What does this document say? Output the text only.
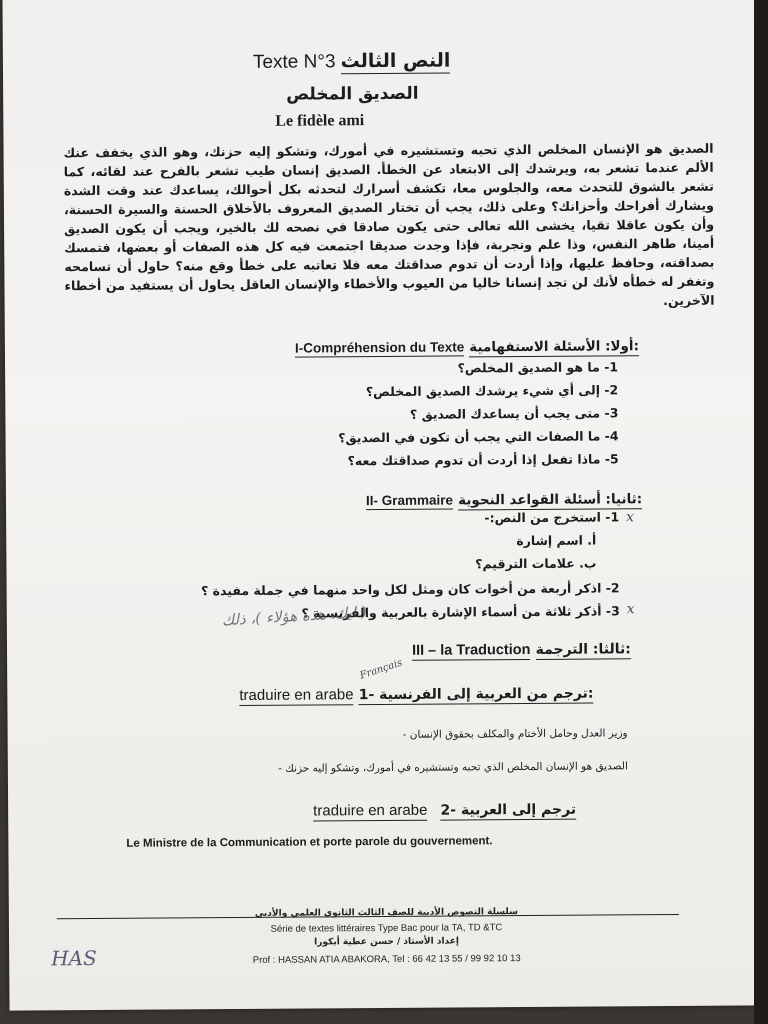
Texte N°3 النص الثالث
الصديق المخلص
Le fidèle ami
الصديق هو الإنسان المخلص الذي تحبه وتستشيره في أمورك، وتشكو إليه حزنك، وهو الذي يخفف عنك الألم عندما تشعر به، ويرشدك إلى الابتعاد عن الخطأ. الصديق إنسان طيب تشعر بالفرح عند لقائه، كما تشعر بالشوق للتحدث معه، والجلوس معا، تكشف أسرارك لتحدثه بكل أحوالك، يساعدك عند وقت الشدة ويشارك أفراحك وأحزانك؟ وعلى ذلك، يجب أن تختار الصديق المعروف بالأخلاق الحسنة والسيرة الحسنة، وأن يكون عاقلا تقيا، يخشى الله تعالى حتى يكون صادقا في نصحه لك بالخير، ويجب أن يكون الصديق أمينا، طاهر النفس، وذا علم وتجربة، فإذا وجدت صديقا اجتمعت فيه كل هذه الصفات أو بعضها، فتمسك بصداقته، وحافظ عليها، وإذا أردت أن تدوم صداقتك معه فلا تعاتبه على خطأ وقع منه؟ حاول أن تسامحه وتغفر له خطأه لأنك لن تجد إنسانا خاليا من العيوب والأخطاء والإنسان العاقل يحاول أن يستفيد من أخطاء الآخرين.
I-Compréhension du Texte أولا: الأسئلة الاستفهامية:
1- ما هو الصديق المخلص؟
2- إلى أي شيء يرشدك الصديق المخلص؟
3- متى يجب أن يساعدك الصديق ؟
4- ما الصفات التي يجب أن تكون في الصديق؟
5- ماذا تفعل إذا أردت أن تدوم صداقتك معه؟
II- Grammaire ثانيا: أسئلة القواعد النحوية:
1- استخرج من النص:- x
أ. اسم إشارة
ب. علامات الترقيم؟
2- اذكر أربعة من أخوات كان ومثل لكل واحد منهما في جملة مفيدة ؟
3- أذكر ثلاثة من أسماء الإشارة بالعربية والفرنسية ؟ x
( ايك، هذه هؤلاء )، ذلك
III – la Traduction ثالثا: الترجمة:
Français
traduire en arabe 1- ترجم من العربية إلى الفرنسية:
وزير العدل وحامل الأختام والمكلف بحقوق الإنسان -
الصديق هو الإنسان المخلص الذي تحبه وتستشيره في أمورك، وتشكو إليه حزنك -
traduire en arabe 2- ترجم إلى العربية
Le Ministre de la Communication et porte parole du gouvernement.
سلسلة النصوص الأدبية للصف الثالث الثانوي العلمي والأدبي
Série de textes littéraires Type Bac pour la TA, TD &TC
إعداد الأستاذ / حسن عطية أبكورا
Prof : HASSAN ATIA ABAKORA, Tel : 66 42 13 55 / 99 92 10 13
HAS
